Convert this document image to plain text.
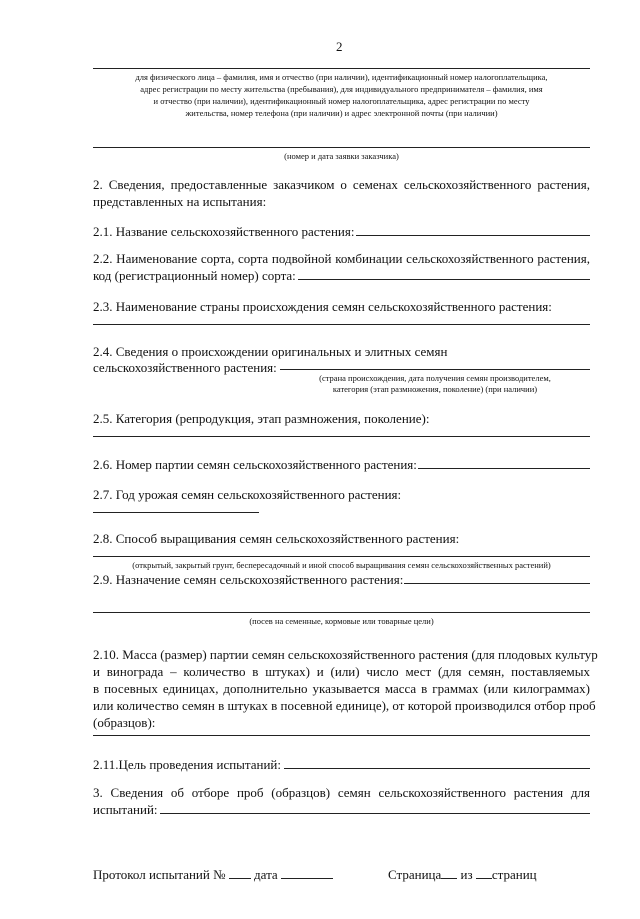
2
для физического лица – фамилия, имя и отчество (при наличии), идентификационный номер налогоплательщика,
адрес регистрации по месту жительства (пребывания), для индивидуального предпринимателя – фамилия, имя
и отчество (при наличии), идентификационный номер налогоплательщика, адрес регистрации по месту
жительства, номер телефона (при наличии) и адрес электронной почты (при наличии)
(номер и дата заявки заказчика)
2. Сведения, предоставленные заказчиком о семенах сельскохозяйственного растения,
представленных на испытания:
2.1. Название сельскохозяйственного растения:
2.2. Наименование сорта, сорта подвойной комбинации сельскохозяйственного растения,
код (регистрационный номер) сорта:
2.3. Наименование страны происхождения семян сельскохозяйственного растения:
2.4. Сведения о происхождении оригинальных и элитных семян
сельскохозяйственного растения:
(страна происхождения, дата получения семян производителем,
категория (этап размножения, поколение) (при наличии)
2.5. Категория (репродукция, этап размножения, поколение):
2.6. Номер партии семян сельскохозяйственного растения:
2.7. Год урожая семян сельскохозяйственного растения:
2.8. Способ выращивания семян сельскохозяйственного растения:
(открытый, закрытый грунт, беспересадочный и иной способ выращивания семян сельскохозяйственных растений)
2.9. Назначение семян сельскохозяйственного растения:
(посев на семенные, кормовые или товарные цели)
2.10. Масса (размер) партии семян сельскохозяйственного растения (для плодовых культур
и винограда – количество в штуках) и (или) число мест (для семян, поставляемых
в посевных единицах, дополнительно указывается масса в граммах (или килограммах)
или количество семян в штуках в посевной единице), от которой производился отбор проб
(образцов):
2.11.Цель проведения испытаний:
3. Сведения об отборе проб (образцов) семян сельскохозяйственного растения для
испытаний:
Протокол испытаний № дата	Страница из страниц
